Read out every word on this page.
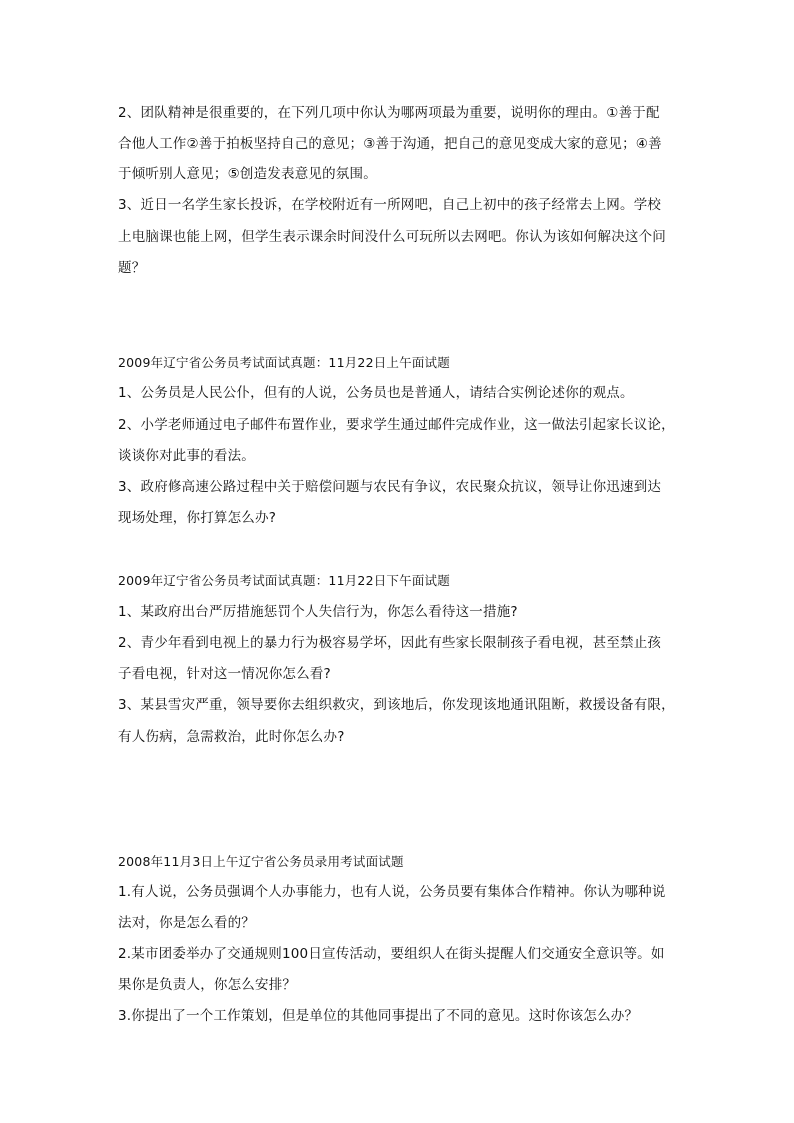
2、团队精神是很重要的，在下列几项中你认为哪两项最为重要，说明你的理由。①善于配
合他人工作②善于拍板坚持自己的意见；③善于沟通，把自己的意见变成大家的意见；④善
于倾听别人意见；⑤创造发表意见的氛围。
3、近日一名学生家长投诉，在学校附近有一所网吧，自己上初中的孩子经常去上网。学校
上电脑课也能上网，但学生表示课余时间没什么可玩所以去网吧。你认为该如何解决这个问
题？
2009年辽宁省公务员考试面试真题：11月22日上午面试题
1、公务员是人民公仆，但有的人说，公务员也是普通人，请结合实例论述你的观点。
2、小学老师通过电子邮件布置作业，要求学生通过邮件完成作业，这一做法引起家长议论，
谈谈你对此事的看法。
3、政府修高速公路过程中关于赔偿问题与农民有争议，农民聚众抗议，领导让你迅速到达
现场处理，你打算怎么办?
2009年辽宁省公务员考试面试真题：11月22日下午面试题
1、某政府出台严厉措施惩罚个人失信行为，你怎么看待这一措施?
2、青少年看到电视上的暴力行为极容易学坏，因此有些家长限制孩子看电视，甚至禁止孩
子看电视，针对这一情况你怎么看?
3、某县雪灾严重，领导要你去组织救灾，到该地后，你发现该地通讯阻断，救援设备有限，
有人伤病，急需救治，此时你怎么办?
2008年11月3日上午辽宁省公务员录用考试面试题
1.有人说，公务员强调个人办事能力，也有人说，公务员要有集体合作精神。你认为哪种说
法对，你是怎么看的？
2.某市团委举办了交通规则100日宣传活动，要组织人在街头提醒人们交通安全意识等。如
果你是负责人，你怎么安排？
3.你提出了一个工作策划，但是单位的其他同事提出了不同的意见。这时你该怎么办？
